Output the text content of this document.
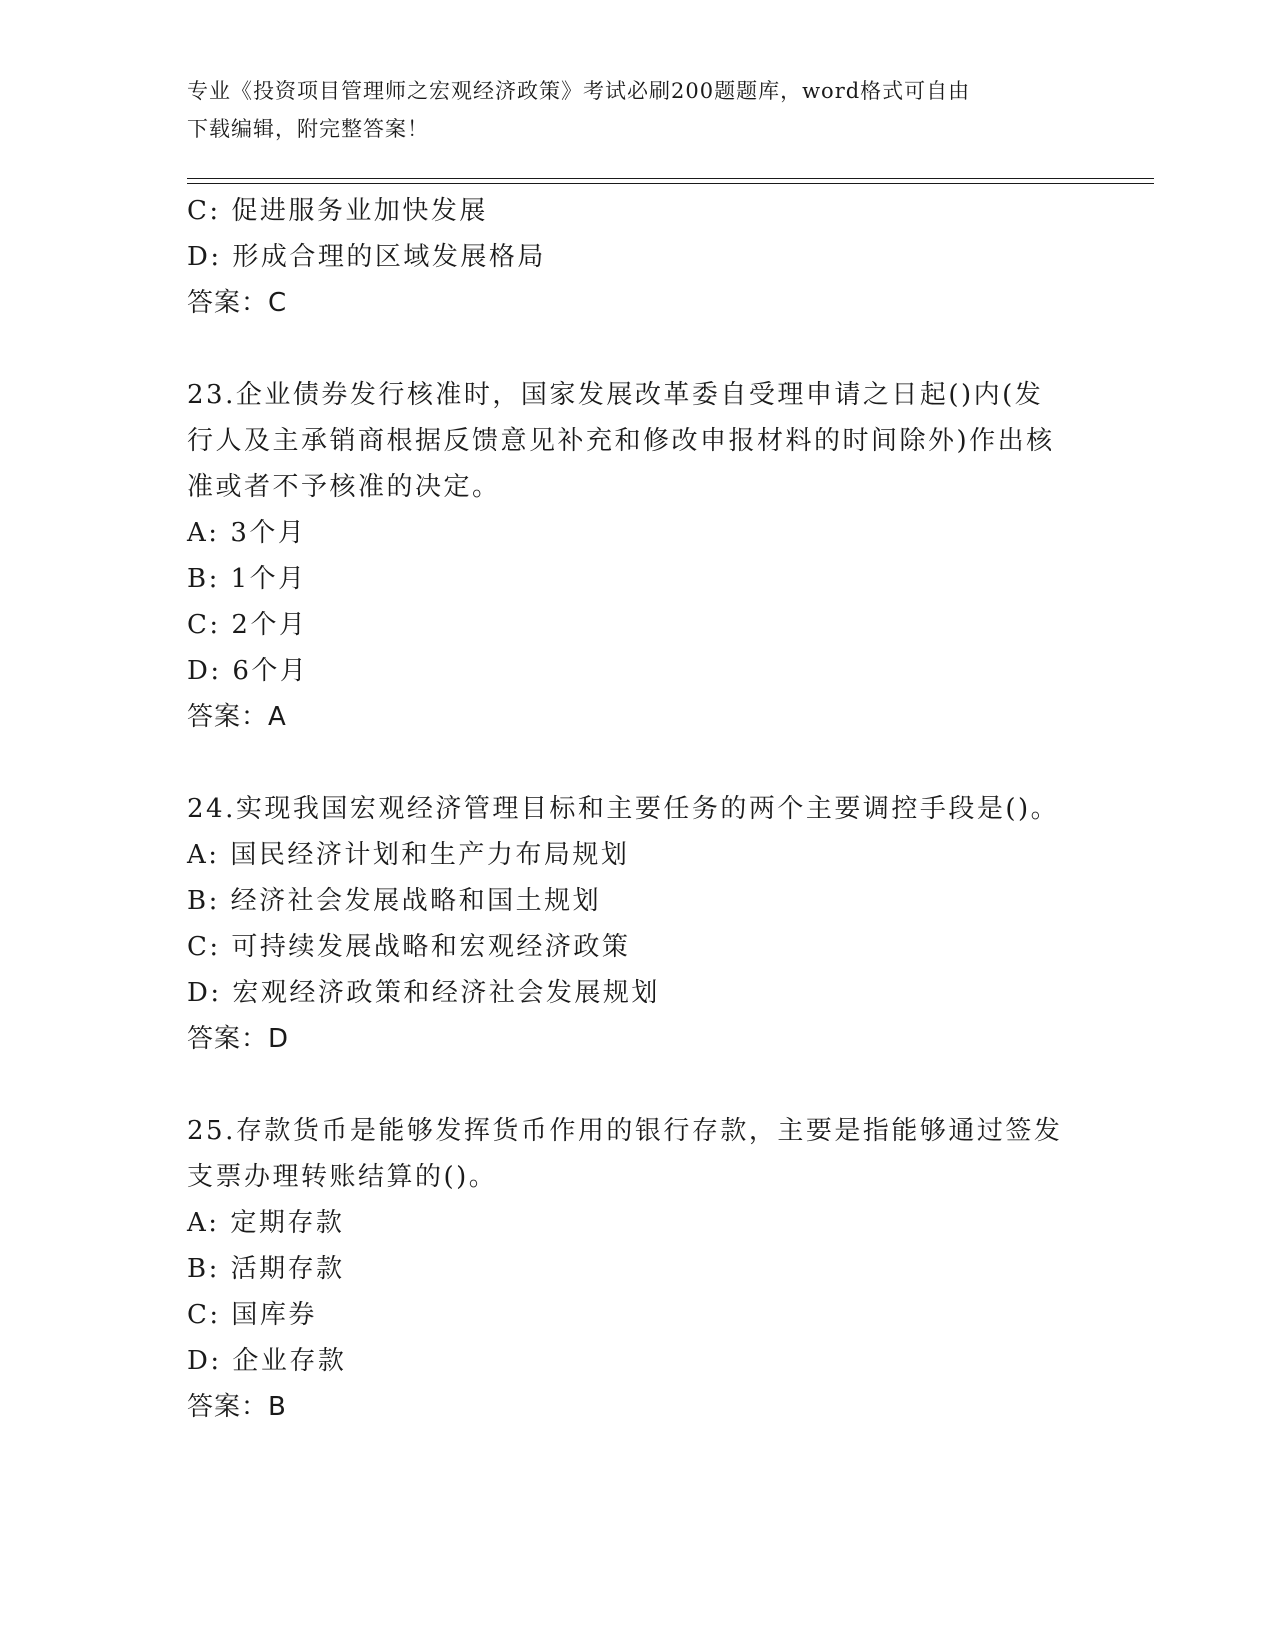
专业《投资项目管理师之宏观经济政策》考试必刷200题题库，word格式可自由
下载编辑，附完整答案！
C: 促进服务业加快发展
D: 形成合理的区域发展格局
答案：C
23.企业债券发行核准时，国家发展改革委自受理申请之日起()内(发
行人及主承销商根据反馈意见补充和修改申报材料的时间除外)作出核
准或者不予核准的决定。
A: 3个月
B: 1个月
C: 2个月
D: 6个月
答案：A
24.实现我国宏观经济管理目标和主要任务的两个主要调控手段是()。
A: 国民经济计划和生产力布局规划
B: 经济社会发展战略和国土规划
C: 可持续发展战略和宏观经济政策
D: 宏观经济政策和经济社会发展规划
答案：D
25.存款货币是能够发挥货币作用的银行存款，主要是指能够通过签发
支票办理转账结算的()。
A: 定期存款
B: 活期存款
C: 国库券
D: 企业存款
答案：B
